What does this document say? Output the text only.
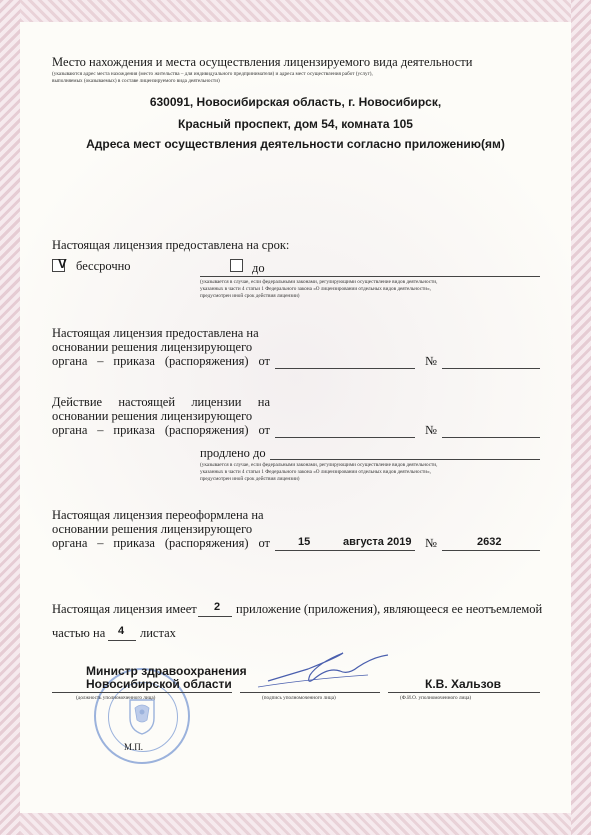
Место нахождения и места осуществления лицензируемого вида деятельности
(указываются адрес места нахождения (место жительства – для индивидуального предпринимателя) и адреса мест осуществления работ (услуг),
выполняемых (оказываемых) в составе лицензируемого вида деятельности)
630091, Новосибирская область, г. Новосибирск,
Красный проспект, дом 54, комната 105
Адреса мест осуществления деятельности согласно приложению(ям)
Настоящая лицензия предоставлена на срок:
V бессрочно	до
(указывается в случае, если федеральными законами, регулирующими осуществление видов деятельности,
указанных в части 4 статьи 1 Федерального закона «О лицензировании отдельных видов деятельности»,
предусмотрен иной срок действия лицензии)
Настоящая лицензия предоставлена на
основании решения лицензирующего
органа – приказа (распоряжения) от	№
Действие настоящей лицензии на
основании решения лицензирующего
органа – приказа (распоряжения) от	№
продлено до
(указывается в случае, если федеральными законами, регулирующими осуществление видов деятельности,
указанных в части 4 статьи 1 Федерального закона «О лицензировании отдельных видов деятельности»,
предусмотрен иной срок действия лицензии)
Настоящая лицензия переоформлена на
основании решения лицензирующего
органа – приказа (распоряжения) от	15	августа 2019 №	2632
Настоящая лицензия имеет 2 приложение (приложения), являющееся ее неотъемлемой
частью на 4 листах
Министр здравоохранения
Новосибирской области
(должность уполномоченного лица)	(подпись уполномоченного лица)
К.В. Хальзов
(Ф.И.О. уполномоченного лица)
М.П.
